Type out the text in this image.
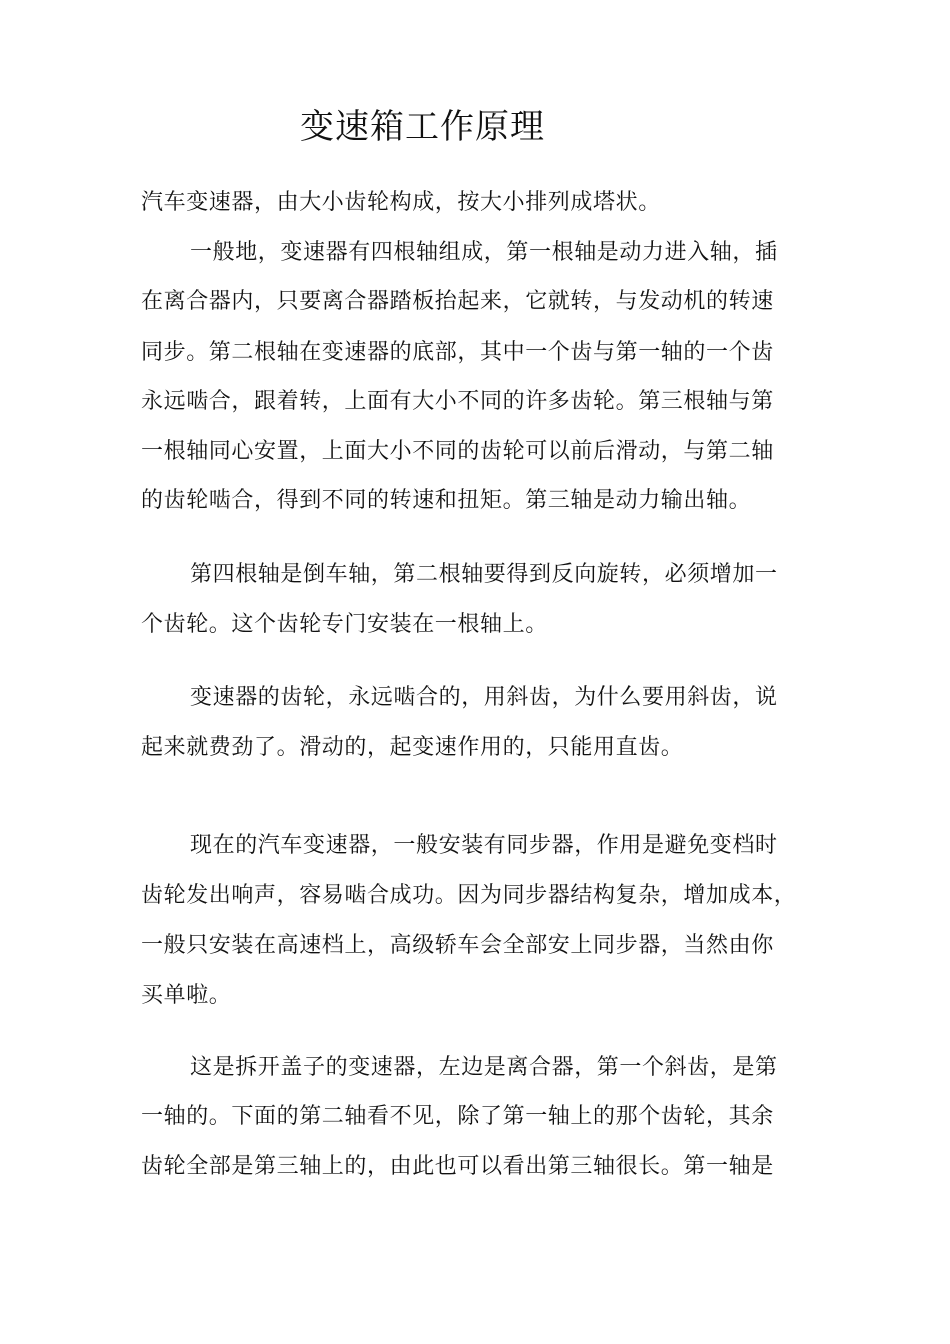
变速箱工作原理
汽车变速器，由大小齿轮构成，按大小排列成塔状。
一般地，变速器有四根轴组成，第一根轴是动力进入轴，插
在离合器内，只要离合器踏板抬起来，它就转，与发动机的转速
同步。第二根轴在变速器的底部，其中一个齿与第一轴的一个齿
永远啮合，跟着转，上面有大小不同的许多齿轮。第三根轴与第
一根轴同心安置，上面大小不同的齿轮可以前后滑动，与第二轴
的齿轮啮合，得到不同的转速和扭矩。第三轴是动力输出轴。
第四根轴是倒车轴，第二根轴要得到反向旋转，必须增加一
个齿轮。这个齿轮专门安装在一根轴上。
变速器的齿轮，永远啮合的，用斜齿，为什么要用斜齿，说
起来就费劲了。滑动的，起变速作用的，只能用直齿。
现在的汽车变速器，一般安装有同步器，作用是避免变档时
齿轮发出响声，容易啮合成功。因为同步器结构复杂，增加成本，
一般只安装在高速档上，高级轿车会全部安上同步器，当然由你
买单啦。
这是拆开盖子的变速器，左边是离合器，第一个斜齿，是第
一轴的。下面的第二轴看不见，除了第一轴上的那个齿轮，其余
齿轮全部是第三轴上的，由此也可以看出第三轴很长。第一轴是
